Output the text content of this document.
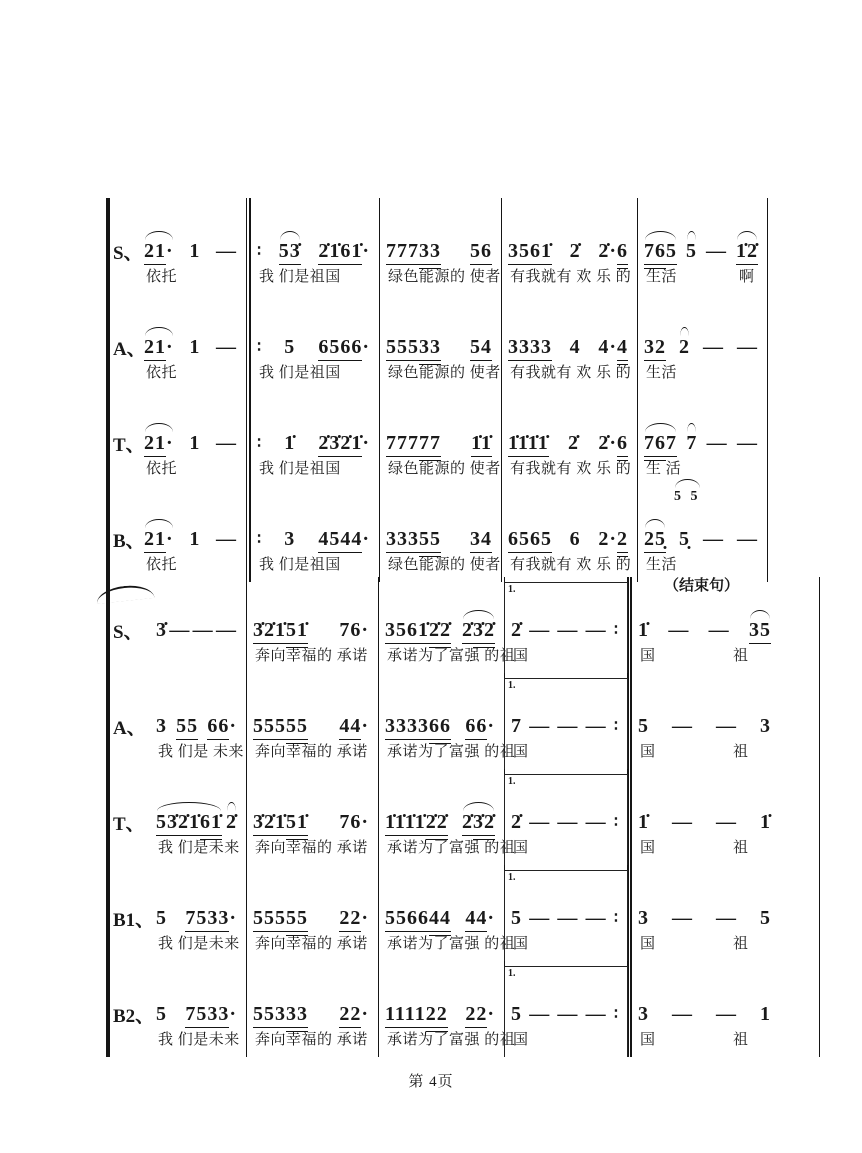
S、 21 · 1 —
依托
∶ 53̇ 2̇1̇61̇ ·
我 们是祖国
777 33 56
绿色能源的 使者
3561̇ 2̇ 2̇· 6
有我就有 欢 乐 的
76 5 5 — 1̇2̇
生活　　　　啊
A、
21 · 1 —
依托
∶ 5 6566 ·
我 们是祖国
555 33 54
绿色能源的 使者
3333 4 4· 4
有我就有 欢 乐 的
32 2 — —
生活
T、 21 · 1 —
依托
∶ 1̇ 2̇3̇2̇1̇ ·
我 们是祖国
777 77 1̇1̇
绿色能源的 使者
1̇1̇1̇1̇ 2̇ 2̇· 6
有我就有 欢 乐 的
76 7 7 — —
生 活
B、 21 · 1 —
依托
∶ 3 4544 ·
我 们是祖国
333 55 34
绿色能源的 使者
6565 6 2· 2
有我就有 欢 乐 的
5 5
25̣ 5̣ — —
生活
S、 3̇ — — — 3̇2̇1̇ 51̇ 76·
奔向幸福的 承诺
3561̇ 2̇2̇ 2̇ 3̇2̇
承诺为了富强 的祖
1.
2̇ — — — ∶
国
（结束句）
1̇ — — 35
国　　　　　祖
A、 3 55 66 ·
我 们是 未来
555 55 44 ·
奔向幸福的 承诺
3333 66 66 ·
承诺为了富强 的祖
1.
7 — — — ∶
国
5 — — 3
国　　　　　祖
T、 53̇2̇1̇ 61̇ 2̇
我 们是未来
3̇2̇1̇ 51̇ 76·
奔向幸福的 承诺
1̇1̇1̇1̇ 2̇2̇ 2̇ 3̇2̇
承诺为了富强 的祖
1.
2̇ — — — ∶
国
1̇ — — 1̇
国　　　　　祖
B1、 5 7533 ·
我 们是未来
555 55 22 ·
奔向幸福的 承诺
5566 44 44 ·
承诺为了富强 的祖
1.
5 — — — ∶
国
3 — — 5
国　　　　　祖
B2、 5 7533 ·
我 们是未来
553 33 22 ·
奔向幸福的 承诺
1111 22 22 ·
承诺为了富强 的祖
1.
5 — — — ∶
国
3 — — 1
国　　　　　祖
第 4页
